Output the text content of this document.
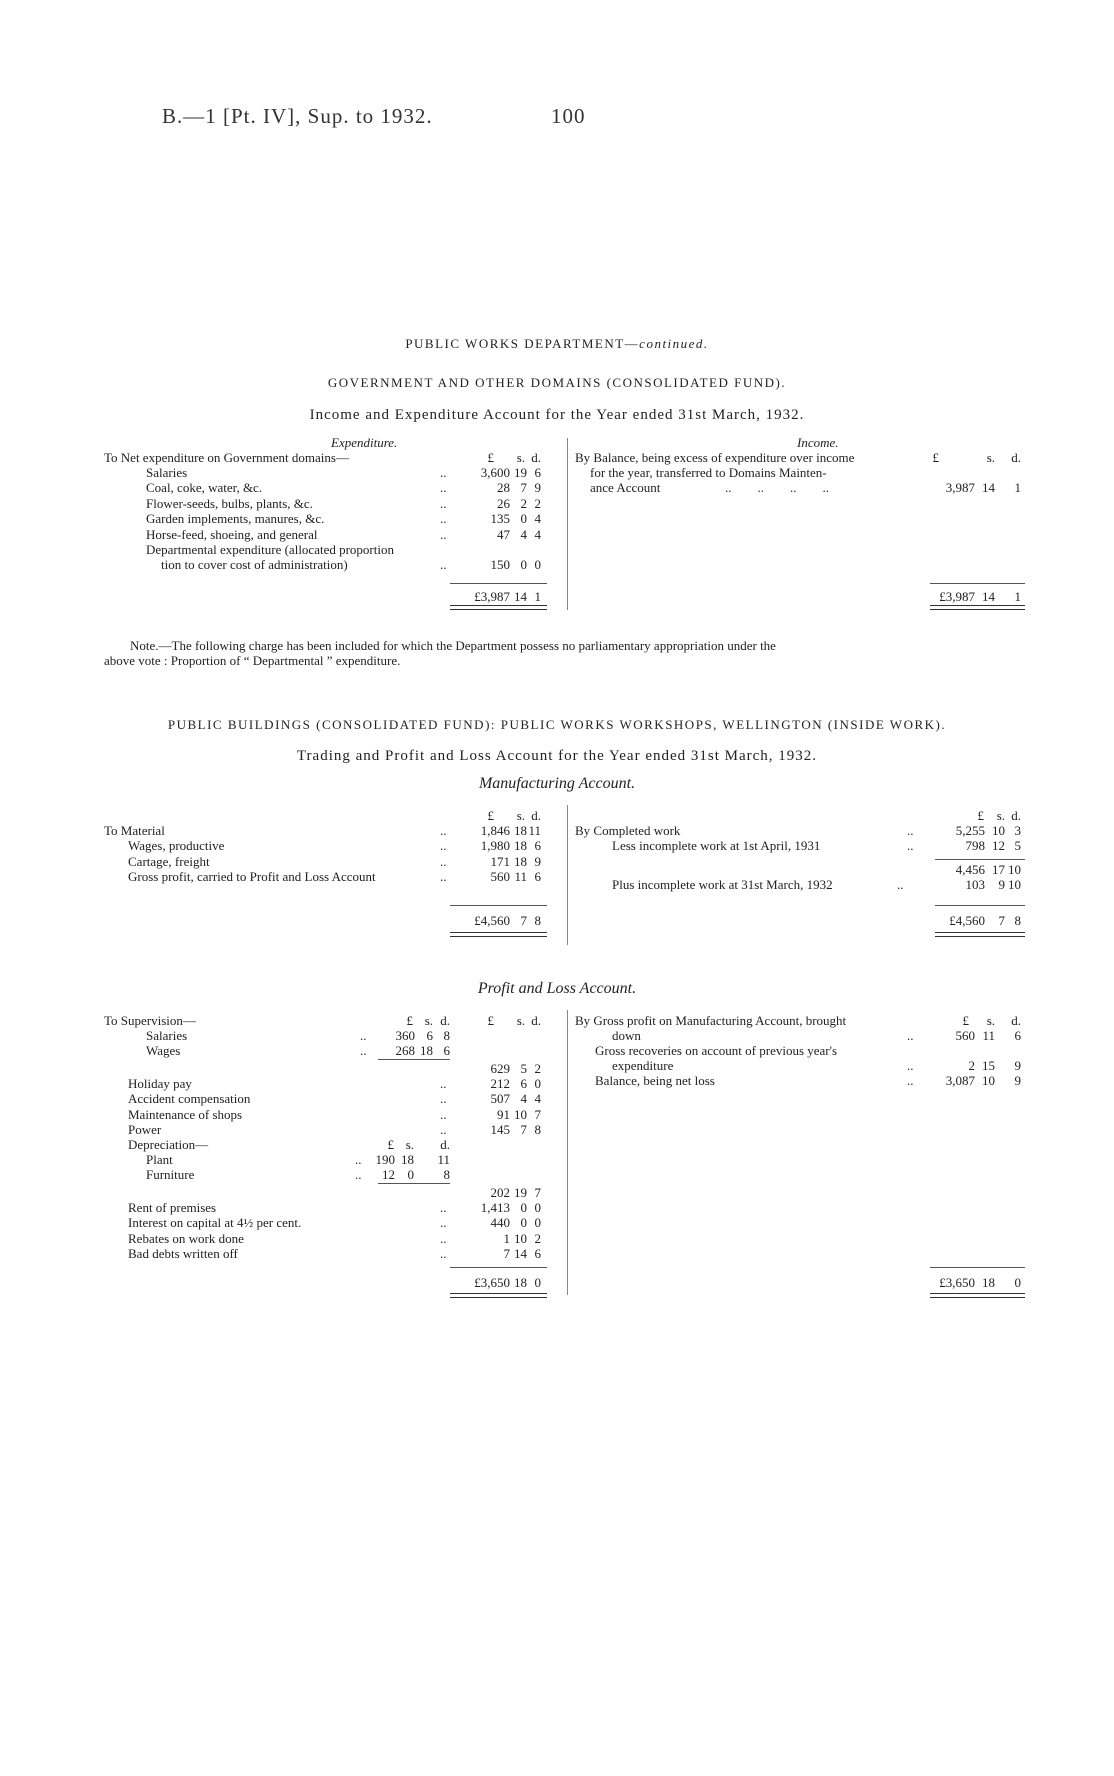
B.—1 [Pt. IV], Sup. to 1932.	100
PUBLIC WORKS DEPARTMENT—continued.
GOVERNMENT AND OTHER DOMAINS (CONSOLIDATED FUND).
Income and Expenditure Account for the Year ended 31st March, 1932.
Expenditure.	Income.
£	s. d.	£	s.	d.
To Net expenditure on Government domains—
Salaries	..	3,600 19 6
Coal, coke, water, &c.	..	28 7 9
Flower-seeds, bulbs, plants, &c.	..	26 2 2
Garden implements, manures, &c.	..	135 0 4
Horse-feed, shoeing, and general	..	47 4 4
Departmental expenditure (allocated proportion
tion to cover cost of administration)	..	150 0 0
£3,987 14 1
By Balance, being excess of expenditure over income
for the year, transferred to Domains Mainten-
ance Account	..        ..        ..        ..	3,987 14	1
£3,987 14	1
Note.—The following charge has been included for which the Department possess no parliamentary appropriation under the
above vote : Proportion of “ Departmental ” expenditure.
PUBLIC BUILDINGS (CONSOLIDATED FUND): PUBLIC WORKS WORKSHOPS, WELLINGTON (INSIDE WORK).
Trading and Profit and Loss Account for the Year ended 31st March, 1932.
Manufacturing Account.
£	s. d.	£ s. d.
To Material	..	1,846 18 11
Wages, productive	..	1,980 18 6
Cartage, freight	..	171 18 9
Gross profit, carried to Profit and Loss Account	..	560 11 6
£4,560 7 8
By Completed work	..	5,255 10 3
Less incomplete work at 1st April, 1931	..	798 12 5
4,456 17 10
Plus incomplete work at 31st March, 1932	..	103	9 10
£4,560	7 8
Profit and Loss Account.
To Supervision—	£ s. d.	£	s. d.	£	s.	d.
Salaries	..	360 6 8
Wages	..	268 18 6
629 5 2
Holiday pay	..	212 6 0
Accident compensation	..	507 4 4
Maintenance of shops	..	91 10 7
Power	..	145 7 8
Depreciation—	£ s.	d.
Plant	..	190 18 11
Furniture	..	12 0	8
202 19 7
Rent of premises	..	1,413 0 0
Interest on capital at 4½ per cent.	..	440 0 0
Rebates on work done	..	1 10 2
Bad debts written off	..	7 14 6
£3,650 18 0
By Gross profit on Manufacturing Account, brought
down	..	560 11	6
Gross recoveries on account of previous year's
expenditure	..	2 15	9
Balance, being net loss	..	3,087 10	9
£3,650 18	0
